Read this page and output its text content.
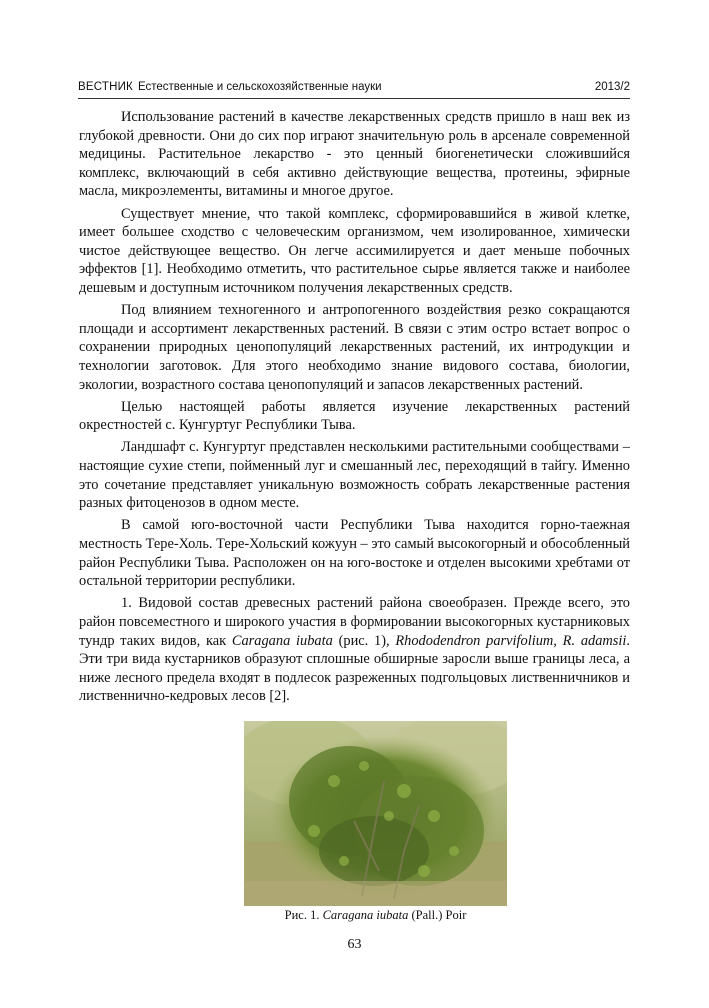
ВЕСТНИК Естественные и сельскохозяйственные науки	2013/2

Использование растений в качестве лекарственных средств пришло в наш век из глубокой древности. Они до сих пор играют значительную роль в арсенале современной медицины. Растительное лекарство - это ценный биогенетически сложившийся комплекс, включающий в себя активно действующие вещества, протеины, эфирные масла, микроэлементы, витамины и многое другое.

Существует мнение, что такой комплекс, сформировавшийся в живой клетке, имеет большее сходство с человеческим организмом, чем изолированное, химически чистое действующее вещество. Он легче ассимилируется и дает меньше побочных эффектов [1]. Необходимо отметить, что растительное сырье является также и наиболее дешевым и доступным источником получения лекарственных средств.

Под влиянием техногенного и антропогенного воздействия резко сокращаются площади и ассортимент лекарственных растений. В связи с этим остро встает вопрос о сохранении природных ценопопуляций лекарственных растений, их интродукции и технологии заготовок. Для этого необходимо знание видового состава, биологии, экологии, возрастного состава ценопопуляций и запасов лекарственных растений.

Целью настоящей работы является изучение лекарственных растений окрестностей с. Кунгуртуг Республики Тыва.

Ландшафт с. Кунгуртуг представлен несколькими растительными сообществами – настоящие сухие степи, пойменный луг и смешанный лес, переходящий в тайгу. Именно это сочетание представляет уникальную возможность собрать лекарственные растения разных фитоценозов в одном месте.

В самой юго-восточной части Республики Тыва находится горно-таежная местность Тере-Холь. Тере-Хольский кожуун – это самый высокогорный и обособленный район Республики Тыва. Расположен он на юго-востоке и отделен высокими хребтами от остальной территории республики.

1. Видовой состав древесных растений района своеобразен. Прежде всего, это район повсеместного и широкого участия в формировании высокогорных кустарниковых тундр таких видов, как Caragana iubata (рис. 1), Rhododendron parvifolium, R. adamsii. Эти три вида кустарников образуют сплошные обширные заросли выше границы леса, а ниже лесного предела входят в подлесок разреженных подгольцовых лиственничников и лиственнично-кедровых лесов [2].

Рис. 1. Caragana iubata (Pall.) Poir
63
